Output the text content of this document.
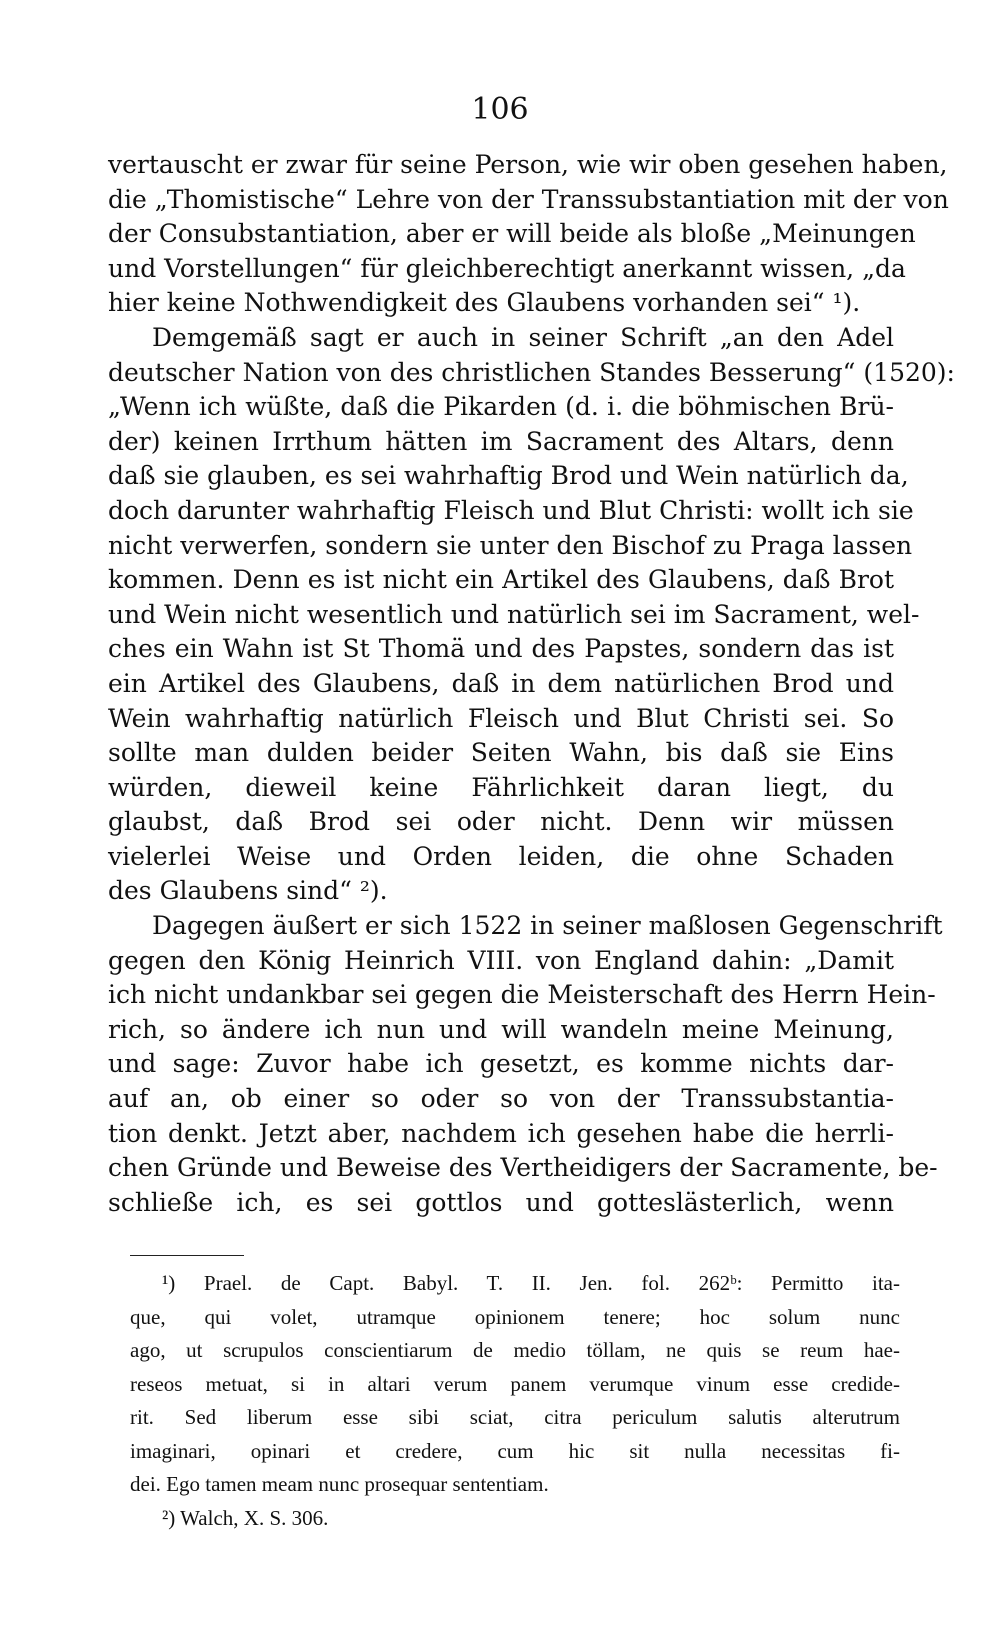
106
vertauscht er zwar für seine Person, wie wir oben gesehen haben,
die „Thomistische“ Lehre von der Transsubstantiation mit der von
der Consubstantiation, aber er will beide als bloße „Meinungen
und Vorstellungen“ für gleichberechtigt anerkannt wissen, „da
hier keine Nothwendigkeit des Glaubens vorhanden sei“ ¹).
Demgemäß sagt er auch in seiner Schrift „an den Adel
deutscher Nation von des christlichen Standes Besserung“ (1520):
„Wenn ich wüßte, daß die Pikarden (d. i. die böhmischen Brü-
der) keinen Irrthum hätten im Sacrament des Altars, denn
daß sie glauben, es sei wahrhaftig Brod und Wein natürlich da,
doch darunter wahrhaftig Fleisch und Blut Christi: wollt ich sie
nicht verwerfen, sondern sie unter den Bischof zu Praga lassen
kommen. Denn es ist nicht ein Artikel des Glaubens, daß Brot
und Wein nicht wesentlich und natürlich sei im Sacrament, wel-
ches ein Wahn ist St Thomä und des Papstes, sondern das ist
ein Artikel des Glaubens, daß in dem natürlichen Brod und
Wein wahrhaftig natürlich Fleisch und Blut Christi sei. So
sollte man dulden beider Seiten Wahn, bis daß sie Eins
würden, dieweil keine Fährlichkeit daran liegt, du
glaubst, daß Brod sei oder nicht. Denn wir müssen
vielerlei Weise und Orden leiden, die ohne Schaden
des Glaubens sind“ ²).
Dagegen äußert er sich 1522 in seiner maßlosen Gegenschrift
gegen den König Heinrich VIII. von England dahin: „Damit
ich nicht undankbar sei gegen die Meisterschaft des Herrn Hein-
rich, so ändere ich nun und will wandeln meine Meinung,
und sage: Zuvor habe ich gesetzt, es komme nichts dar-
auf an, ob einer so oder so von der Transsubstantia-
tion denkt. Jetzt aber, nachdem ich gesehen habe die herrli-
chen Gründe und Beweise des Vertheidigers der Sacramente, be-
schließe ich, es sei gottlos und gotteslästerlich, wenn
¹) Prael. de Capt. Babyl. T. II. Jen. fol. 262ᵇ: Permitto ita-
que, qui volet, utramque opinionem tenere; hoc solum nunc
ago, ut scrupulos conscientiarum de medio töllam, ne quis se reum hae-
reseos metuat, si in altari verum panem verumque vinum esse credide-
rit. Sed liberum esse sibi sciat, citra periculum salutis alterutrum
imaginari, opinari et credere, cum hic sit nulla necessitas fi-
dei. Ego tamen meam nunc prosequar sententiam.
²) Walch, X. S. 306.
